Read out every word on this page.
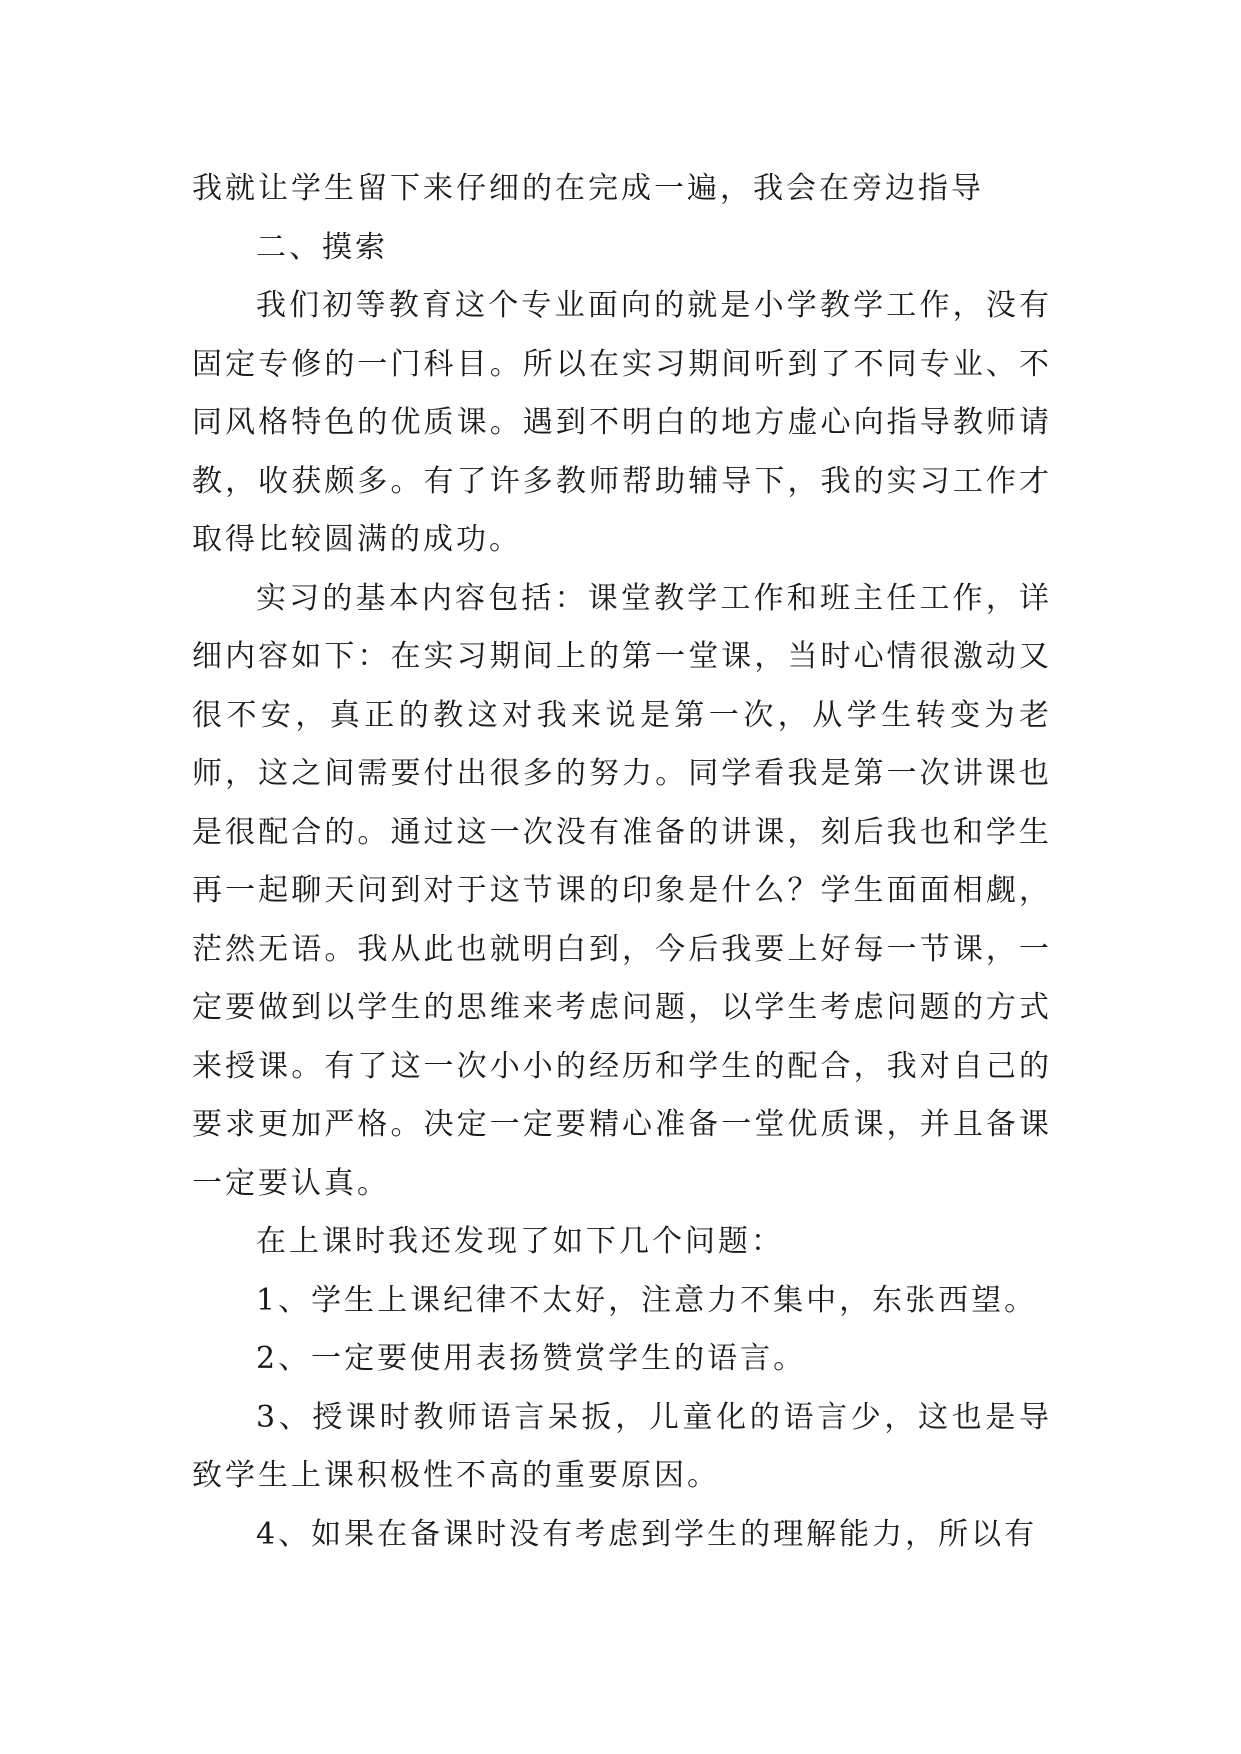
我就让学生留下来仔细的在完成一遍，我会在旁边指导

二、摸索

我们初等教育这个专业面向的就是小学教学工作，没有固定专修的一门科目。所以在实习期间听到了不同专业、不同风格特色的优质课。遇到不明白的地方虚心向指导教师请教，收获颇多。有了许多教师帮助辅导下，我的实习工作才取得比较圆满的成功。

实习的基本内容包括：课堂教学工作和班主任工作，详细内容如下：在实习期间上的第一堂课，当时心情很激动又很不安，真正的教这对我来说是第一次，从学生转变为老师，这之间需要付出很多的努力。同学看我是第一次讲课也是很配合的。通过这一次没有准备的讲课，刻后我也和学生再一起聊天问到对于这节课的印象是什么？学生面面相觑，茫然无语。我从此也就明白到，今后我要上好每一节课，一定要做到以学生的思维来考虑问题，以学生考虑问题的方式来授课。有了这一次小小的经历和学生的配合，我对自己的要求更加严格。决定一定要精心准备一堂优质课，并且备课一定要认真。

在上课时我还发现了如下几个问题：

1、学生上课纪律不太好，注意力不集中，东张西望。

2、一定要使用表扬赞赏学生的语言。

3、授课时教师语言呆扳，儿童化的语言少，这也是导致学生上课积极性不高的重要原因。

4、如果在备课时没有考虑到学生的理解能力，所以有
